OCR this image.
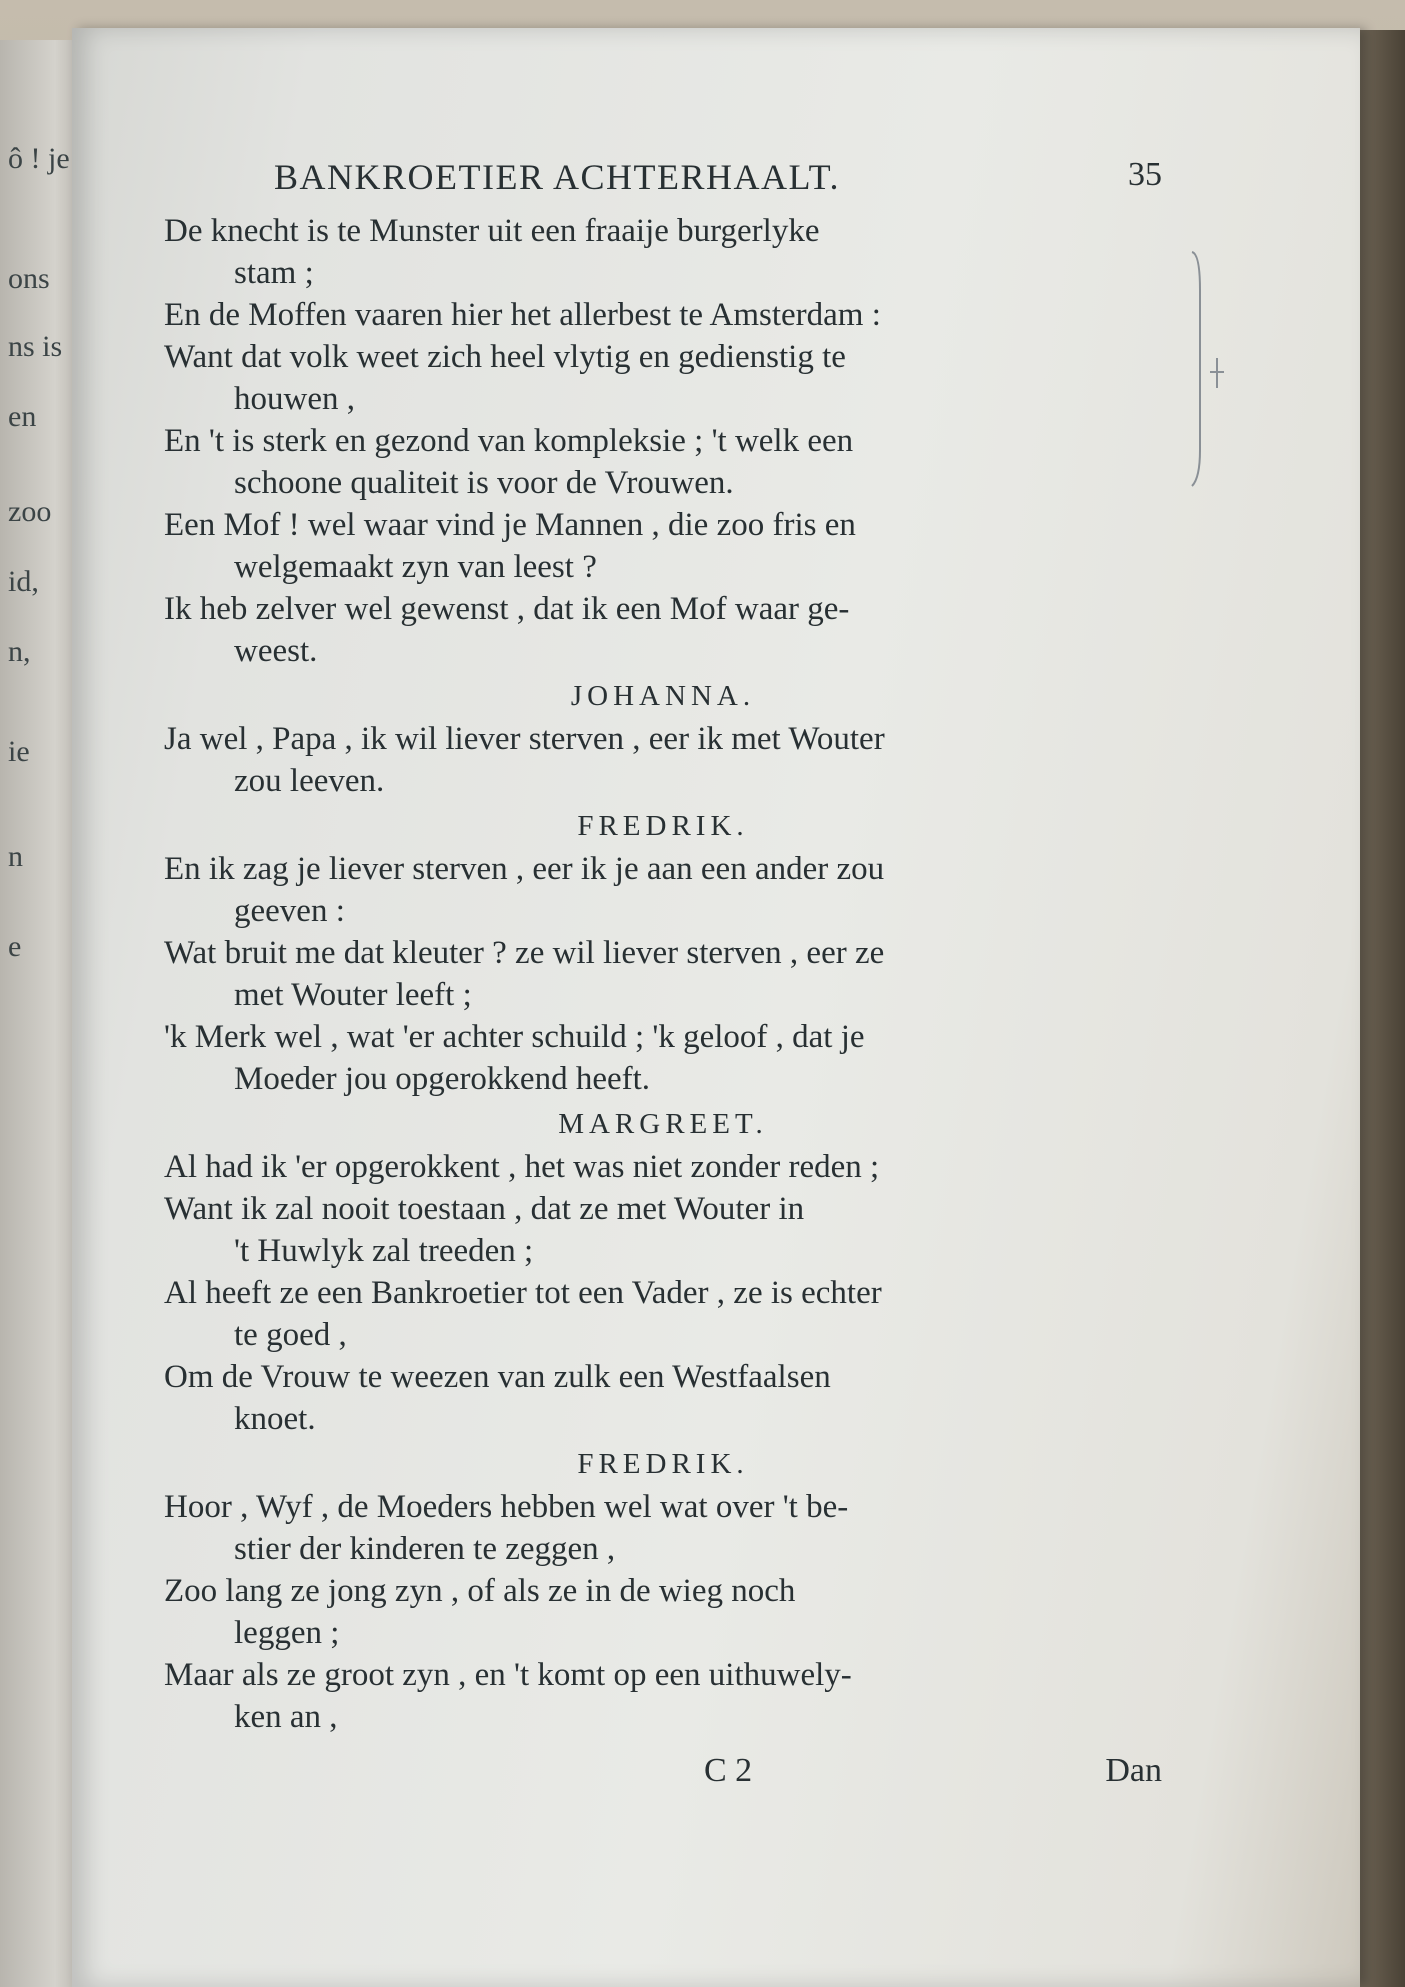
ô ! je

ons

ns is

en

zoo

id,

n,

ie

n

e

BANKROETIER ACHTERHAALT.	35

De knecht is te Munster uit een fraaije burgerlyke

stam ;

En de Moffen vaaren hier het allerbest te Amsterdam :

Want dat volk weet zich heel vlytig en gedienstig te

houwen ,

En 't is sterk en gezond van kompleksie ; 't welk een

schoone qualiteit is voor de Vrouwen.

Een Mof ! wel waar vind je Mannen , die zoo fris en

welgemaakt zyn van leest ?

Ik heb zelver wel gewenst , dat ik een Mof waar ge-

weest.

JOHANNA.

Ja wel , Papa , ik wil liever sterven , eer ik met Wouter

zou leeven.

FREDRIK.

En ik zag je liever sterven , eer ik je aan een ander zou

geeven :

Wat bruit me dat kleuter ? ze wil liever sterven , eer ze

met Wouter leeft ;

'k Merk wel , wat 'er achter schuild ; 'k geloof , dat je

Moeder jou opgerokkend heeft.

MARGREET.

Al had ik 'er opgerokkent , het was niet zonder reden ;

Want ik zal nooit toestaan , dat ze met Wouter in

't Huwlyk zal treeden ;

Al heeft ze een Bankroetier tot een Vader , ze is echter

te goed ,

Om de Vrouw te weezen van zulk een Westfaalsen

knoet.

FREDRIK.

Hoor , Wyf , de Moeders hebben wel wat over 't be-

stier der kinderen te zeggen ,

Zoo lang ze jong zyn , of als ze in de wieg noch

leggen ;

Maar als ze groot zyn , en 't komt op een uithuwely-

ken an ,

C 2	Dan
